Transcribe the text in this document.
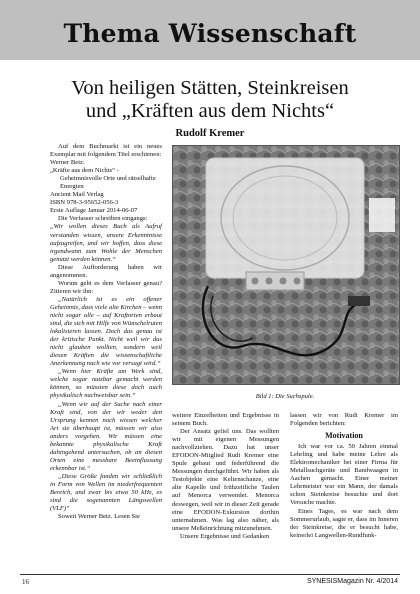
Thema Wissenschaft
Von heiligen Stätten, Steinkreisen
und „Kräften aus dem Nichts“
Rudolf Kremer

Auf dem Buchmarkt ist ein neues Exemplar mit folgendem Titel erschienen:

Werner Betz:

„Kräfte aus dem Nichts“ - Geheimnisvolle Orte und rätselhafte Energien

Ancient Mail Verlag

ISBN 978-3-95652-056-3

Erste Auflage Januar 2014-06-07

Die Verfasser schreiben eingangs:

„Wir wollen dieses Buch als Aufruf verstanden wissen, unsere Erkenntnisse aufzugreifen, und wir hoffen, dass diese irgendwann zum Wohle der Menschen genutzt werden können.“

Diese Aufforderung haben wir angenommen.

Worum geht es dem Verfasser genau? Zitieren wir ihn:

„Natürlich ist es ein offener Geheimnis, dass viele alte Kirchen – wenn nicht sogar alle – auf Kraftorten erbaut sind, die sich mit Hilfe von Wünschelruten lokalisieren lassen. Doch das genau ist der kritische Punkt. Nicht weil wir das nicht glauben wollten, sondern weil diesen Kräften die wissenschaftliche Anerkennung nach wie vor versagt wird.“

„Wenn hier Kräfte am Werk sind, welche sogar nutzbar gemacht werden können, so müssten diese doch auch physikalisch nachweisbar sein.“

„Wenn wir auf der Suche nach einer Kraft sind, von der wir weder den Ursprung kennen noch wissen welcher Art sie überhaupt ist, müssen wir also anders vorgehen. Wir müssen eine bekannte physikalische Kraft dahingehend untersuchen, ob an diesen Orten eine messbare Beeinflussung erkennbar ist.“

„Diese Größe fanden wir schließlich in Form von Wellen im niederfrequenten Bereich, und zwar bis etwa 50 kHz, es sind die sogenannten Längswellen (VLF)“

Soweit Werner Betz. Lesen Sie

Bild 1: Die Suchspule.

weitere Einzelheiten und Ergebnisse in seinem Buch.

Der Ansatz gefiel uns. Das wollten wir mit eigenen Messungen nachvollziehen. Dazu hat unser EFODON-Mitglied Rudi Kremer eine Spule gebaut und federführend die Messungen durchgeführt. Wir haben als Testobjekte eine Keltenschanze, eine alte Kapelle und frühzeitliche Taulen auf Menorca verwendet. Menorca deswegen, weil wir in dieser Zeit gerade eine EFODON-Exkursion dorthin unternahmen. Was lag also näher, als unsere Meßeinrichtung mitzunehmen.

Unsere Ergebnisse und Gedanken

lassen wir von Rudi Kremer im Folgenden berichten:

Motivation

Ich war vor ca. 50 Jahren einmal Lehrling und habe meine Lehre als Elektromechaniker bei einer Firma für Metallsuchgeräte und Bandwaagen in Aachen gemacht. Einer meiner Lehrmeister war ein Mann, der damals schon Steinkreise besuchte und dort Versuche machte.

Eines Tages, es war nach dem Sommerurlaub, sagte er, dass im Inneren der Steinkreise, die er besucht habe, keinerlei Langwellen-Rundfunk-

16	SYNESISMagazin Nr. 4/2014
